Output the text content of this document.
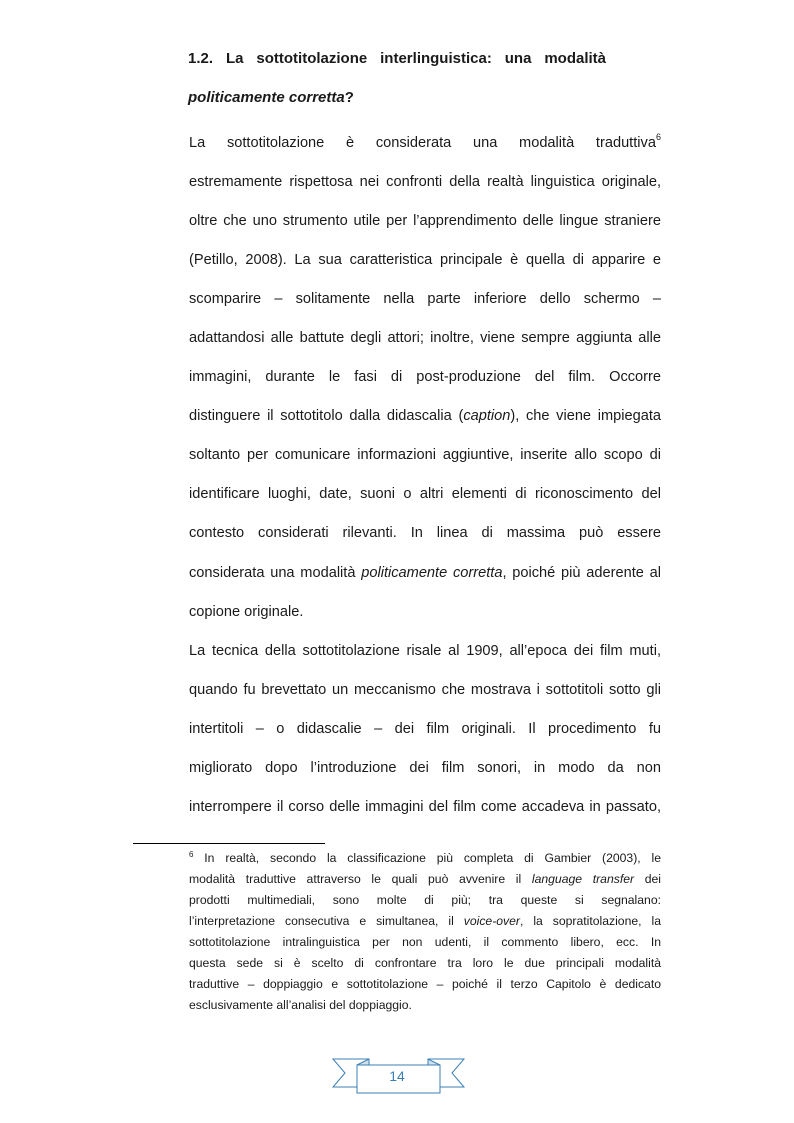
1.2. La sottotitolazione interlinguistica: una modalità

politicamente corretta?

La sottotitolazione è considerata una modalità traduttiva$^6$

estremamente rispettosa nei confronti della realtà linguistica originale,

oltre che uno strumento utile per l’apprendimento delle lingue straniere

(Petillo, 2008). La sua caratteristica principale è quella di apparire e

scomparire – solitamente nella parte inferiore dello schermo –

adattandosi alle battute degli attori; inoltre, viene sempre aggiunta alle

immagini, durante le fasi di post-produzione del film. Occorre

distinguere il sottotitolo dalla didascalia (caption), che viene impiegata

soltanto per comunicare informazioni aggiuntive, inserite allo scopo di

identificare luoghi, date, suoni o altri elementi di riconoscimento del

contesto considerati rilevanti. In linea di massima può essere

considerata una modalità politicamente corretta, poiché più aderente al

copione originale.

La tecnica della sottotitolazione risale al 1909, all’epoca dei film muti,

quando fu brevettato un meccanismo che mostrava i sottotitoli sotto gli

intertitoli – o didascalie – dei film originali. Il procedimento fu

migliorato dopo l’introduzione dei film sonori, in modo da non

interrompere il corso delle immagini del film come accadeva in passato,

$^6$ In realtà, secondo la classificazione più completa di Gambier (2003), le

modalità traduttive attraverso le quali può avvenire il language transfer dei

prodotti multimediali, sono molte di più; tra queste si segnalano:

l’interpretazione consecutiva e simultanea, il voice-over, la sopratitolazione, la

sottotitolazione intralinguistica per non udenti, il commento libero, ecc. In

questa sede si è scelto di confrontare tra loro le due principali modalità

traduttive – doppiaggio e sottotitolazione – poiché il terzo Capitolo è dedicato

esclusivamente all’analisi del doppiaggio.

14
